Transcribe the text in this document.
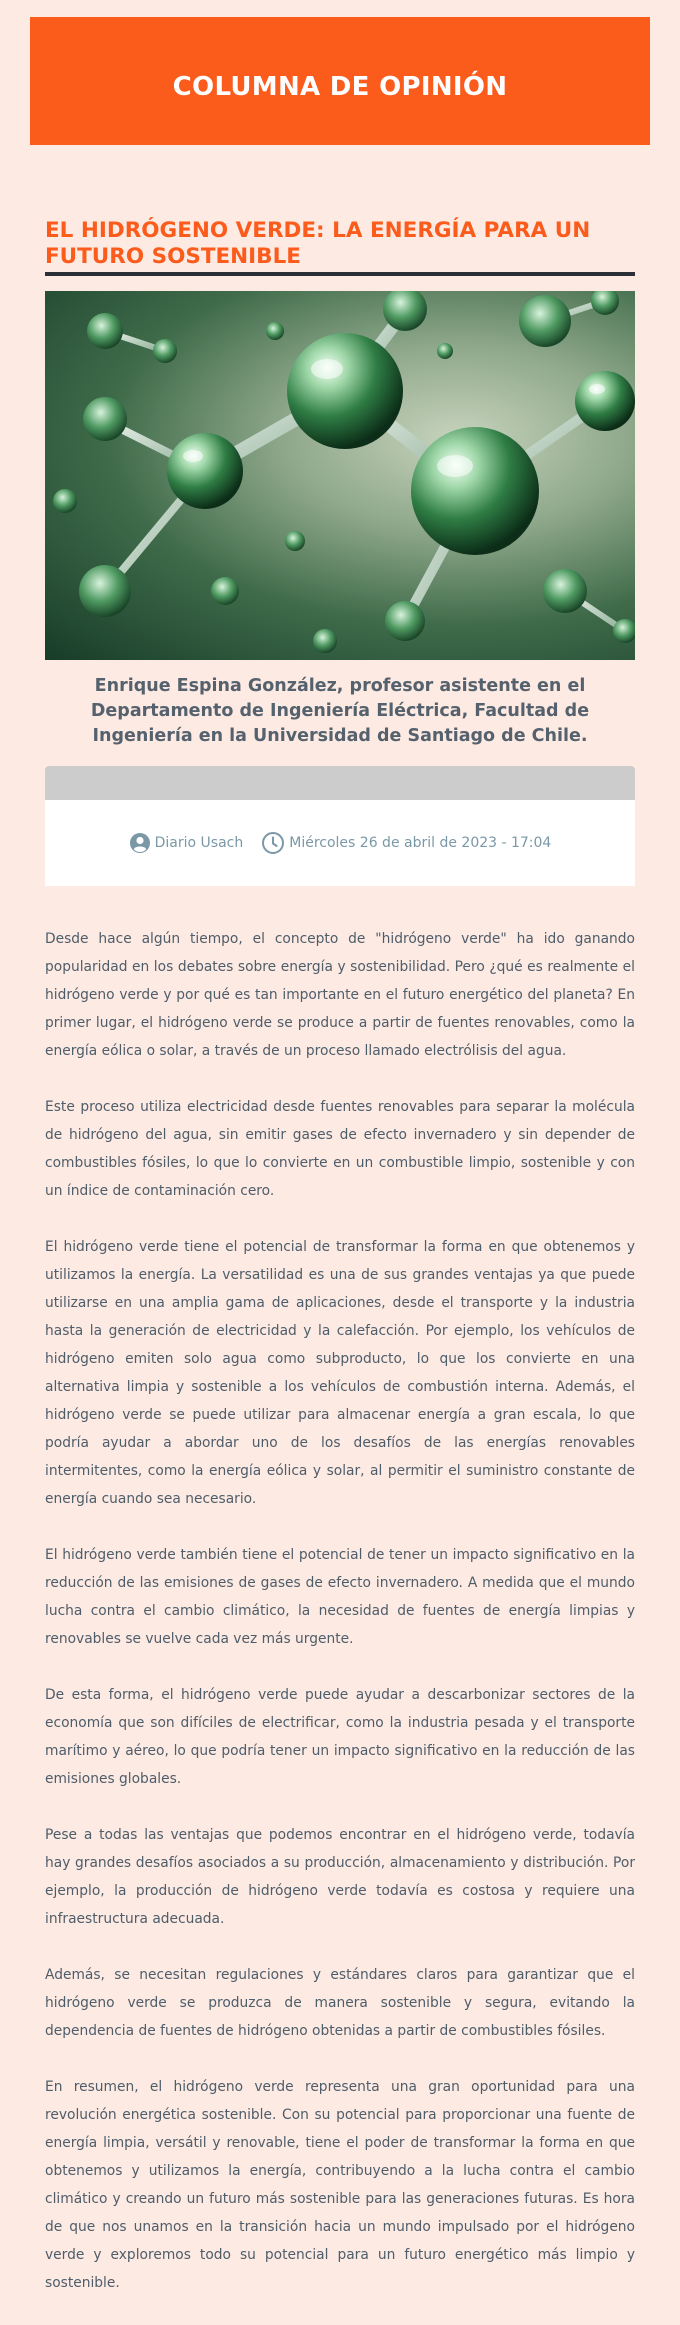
COLUMNA DE OPINIÓN
EL HIDRÓGENO VERDE: LA ENERGÍA PARA UN FUTURO SOSTENIBLE

Enrique Espina González, profesor asistente en el Departamento de Ingeniería Eléctrica, Facultad de Ingeniería en la Universidad de Santiago de Chile.

Diario Usach	Miércoles 26 de abril de 2023 - 17:04

Desde hace algún tiempo, el concepto de "hidrógeno verde" ha ido ganando popularidad en los debates sobre energía y sostenibilidad. Pero ¿qué es realmente el hidrógeno verde y por qué es tan importante en el futuro energético del planeta? En primer lugar, el hidrógeno verde se produce a partir de fuentes renovables, como la energía eólica o solar, a través de un proceso llamado electrólisis del agua.

Este proceso utiliza electricidad desde fuentes renovables para separar la molécula de hidrógeno del agua, sin emitir gases de efecto invernadero y sin depender de combustibles fósiles, lo que lo convierte en un combustible limpio, sostenible y con un índice de contaminación cero.

El hidrógeno verde tiene el potencial de transformar la forma en que obtenemos y utilizamos la energía. La versatilidad es una de sus grandes ventajas ya que puede utilizarse en una amplia gama de aplicaciones, desde el transporte y la industria hasta la generación de electricidad y la calefacción. Por ejemplo, los vehículos de hidrógeno emiten solo agua como subproducto, lo que los convierte en una alternativa limpia y sostenible a los vehículos de combustión interna. Además, el hidrógeno verde se puede utilizar para almacenar energía a gran escala, lo que podría ayudar a abordar uno de los desafíos de las energías renovables intermitentes, como la energía eólica y solar, al permitir el suministro constante de energía cuando sea necesario.

El hidrógeno verde también tiene el potencial de tener un impacto significativo en la reducción de las emisiones de gases de efecto invernadero. A medida que el mundo lucha contra el cambio climático, la necesidad de fuentes de energía limpias y renovables se vuelve cada vez más urgente.

De esta forma, el hidrógeno verde puede ayudar a descarbonizar sectores de la economía que son difíciles de electrificar, como la industria pesada y el transporte marítimo y aéreo, lo que podría tener un impacto significativo en la reducción de las emisiones globales.

Pese a todas las ventajas que podemos encontrar en el hidrógeno verde, todavía hay grandes desafíos asociados a su producción, almacenamiento y distribución. Por ejemplo, la producción de hidrógeno verde todavía es costosa y requiere una infraestructura adecuada.

Además, se necesitan regulaciones y estándares claros para garantizar que el hidrógeno verde se produzca de manera sostenible y segura, evitando la dependencia de fuentes de hidrógeno obtenidas a partir de combustibles fósiles.

En resumen, el hidrógeno verde representa una gran oportunidad para una revolución energética sostenible. Con su potencial para proporcionar una fuente de energía limpia, versátil y renovable, tiene el poder de transformar la forma en que obtenemos y utilizamos la energía, contribuyendo a la lucha contra el cambio climático y creando un futuro más sostenible para las generaciones futuras. Es hora de que nos unamos en la transición hacia un mundo impulsado por el hidrógeno verde y exploremos todo su potencial para un futuro energético más limpio y sostenible.
